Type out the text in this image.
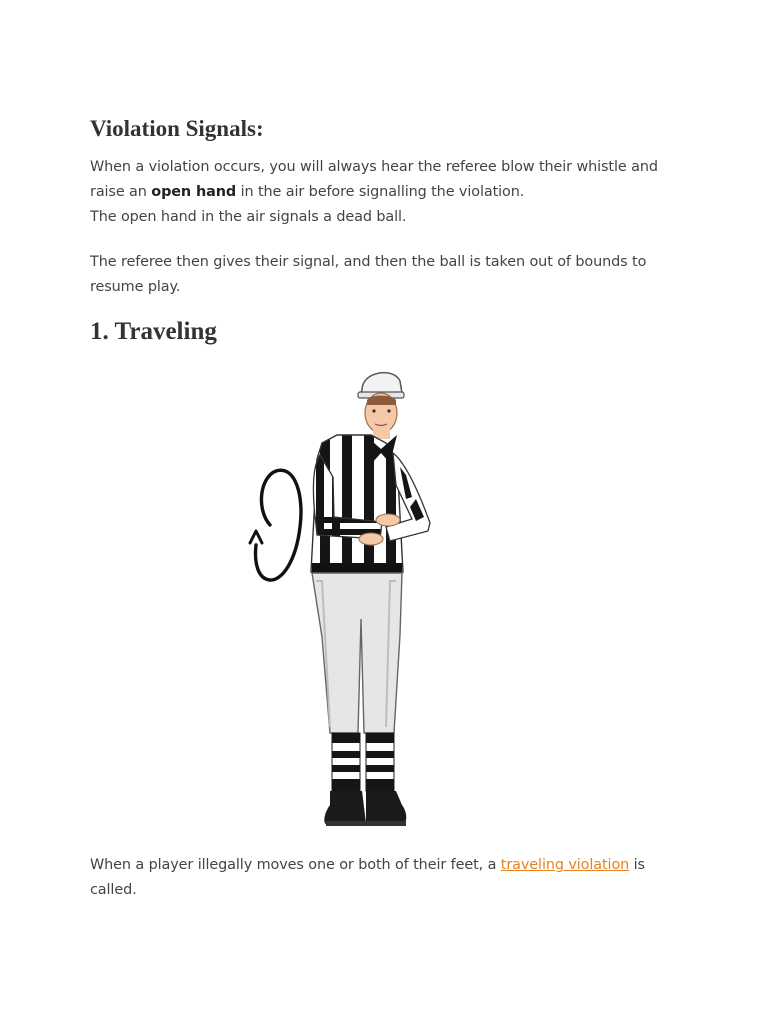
Violation Signals:

When a violation occurs, you will always hear the referee blow their whistle and raise an open hand in the air before signalling the violation.
The open hand in the air signals a dead ball.

The referee then gives their signal, and then the ball is taken out of bounds to resume play.

1. Traveling

When a player illegally moves one or both of their feet, a traveling violation is called.
